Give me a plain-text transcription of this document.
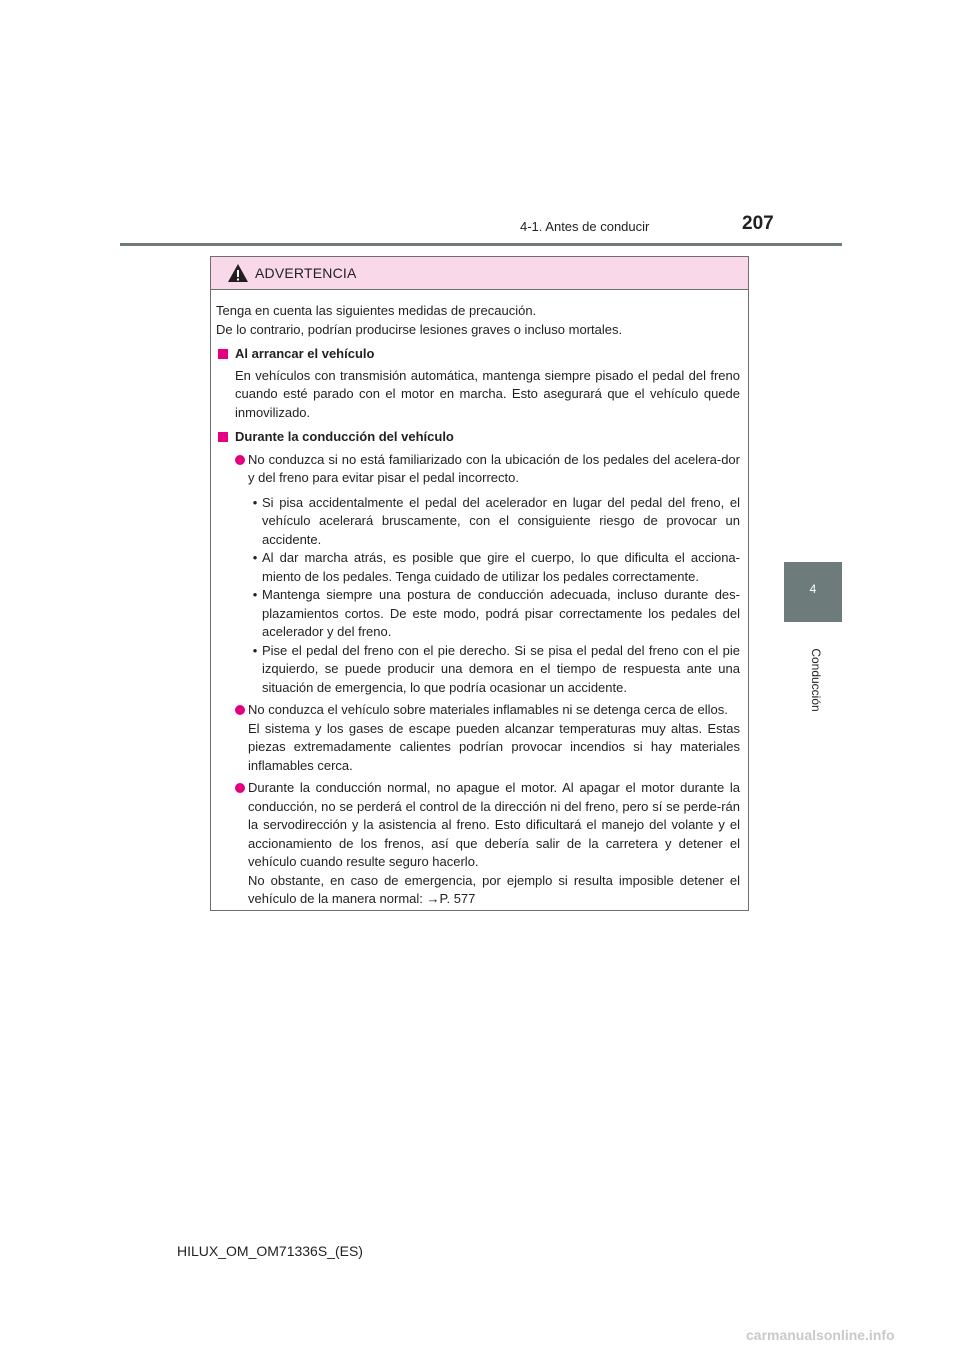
4-1. Antes de conducir	207
4
Conducción
ADVERTENCIA

Tenga en cuenta las siguientes medidas de precaución.

De lo contrario, podrían producirse lesiones graves o incluso mortales.

Al arrancar el vehículo

En vehículos con transmisión automática, mantenga siempre pisado el pedal del freno cuando esté parado con el motor en marcha. Esto asegurará que el vehículo quede inmovilizado.

Durante la conducción del vehículo

No conduzca si no está familiarizado con la ubicación de los pedales del acelera-dor y del freno para evitar pisar el pedal incorrecto.

• Si pisa accidentalmente el pedal del acelerador en lugar del pedal del freno, el vehículo acelerará bruscamente, con el consiguiente riesgo de provocar un accidente.

• Al dar marcha atrás, es posible que gire el cuerpo, lo que dificulta el acciona-miento de los pedales. Tenga cuidado de utilizar los pedales correctamente.

• Mantenga siempre una postura de conducción adecuada, incluso durante des-plazamientos cortos. De este modo, podrá pisar correctamente los pedales del acelerador y del freno.

• Pise el pedal del freno con el pie derecho. Si se pisa el pedal del freno con el pie izquierdo, se puede producir una demora en el tiempo de respuesta ante una situación de emergencia, lo que podría ocasionar un accidente.

No conduzca el vehículo sobre materiales inflamables ni se detenga cerca de ellos.

El sistema y los gases de escape pueden alcanzar temperaturas muy altas. Estas piezas extremadamente calientes podrían provocar incendios si hay materiales inflamables cerca.

Durante la conducción normal, no apague el motor. Al apagar el motor durante la conducción, no se perderá el control de la dirección ni del freno, pero sí se perde-rán la servodirección y la asistencia al freno. Esto dificultará el manejo del volante y el accionamiento de los frenos, así que debería salir de la carretera y detener el vehículo cuando resulte seguro hacerlo.

No obstante, en caso de emergencia, por ejemplo si resulta imposible detener el vehículo de la manera normal: →P. 577

HILUX_OM_OM71336S_(ES)
carmanualsonline.info
